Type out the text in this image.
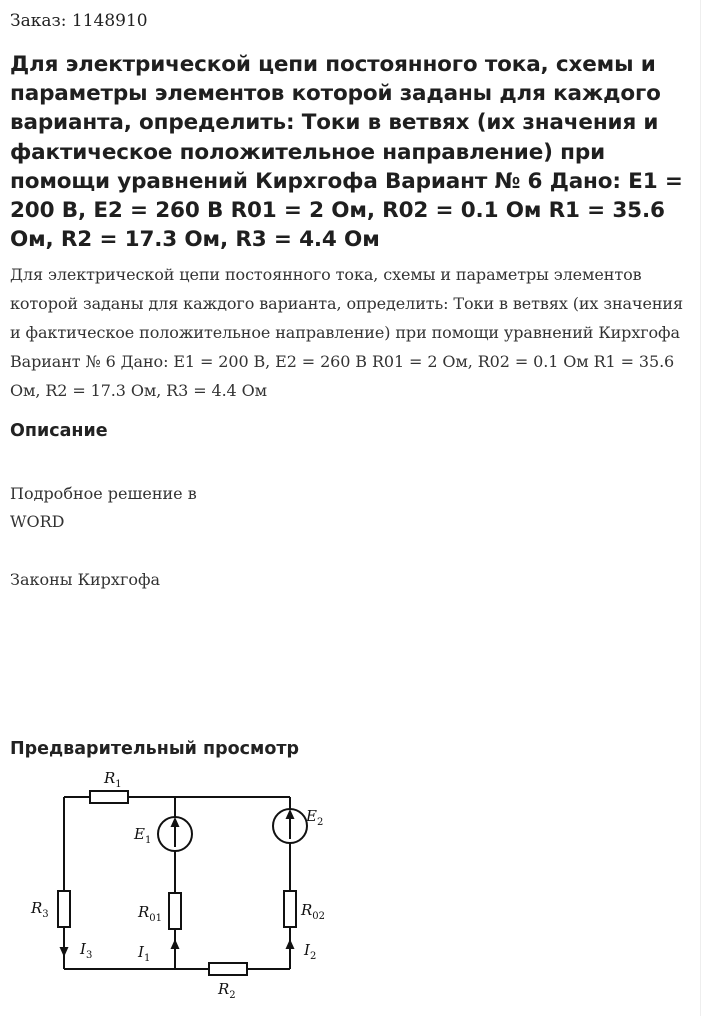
Заказ: 1148910

Для электрической цепи постоянного тока, схемы и параметры элементов которой заданы для каждого варианта, определить: Токи в ветвях (их значения и фактическое положительное направление) при помощи уравнений Кирхгофа Вариант № 6 Дано: E1 = 200 В, E2 = 260 В R01 = 2 Ом, R02 = 0.1 Ом R1 = 35.6 Ом, R2 = 17.3 Ом, R3 = 4.4 Ом

Для электрической цепи постоянного тока, схемы и параметры элементов которой заданы для каждого варианта, определить: Токи в ветвях (их значения и фактическое положительное направление) при помощи уравнений Кирхгофа Вариант № 6 Дано: E1 = 200 В, E2 = 260 В R01 = 2 Ом, R02 = 0.1 Ом R1 = 35.6 Ом, R2 = 17.3 Ом, R3 = 4.4 Ом

Описание

Подробное решение в

WORD

Законы Кирхгофа

Предварительный просмотр
$R_1$
$E_1$
$E_2$
$R_3$	$R_{01}$	$R_{02}$
$I_3$	$I_1$	$I_2$
$R_2$
